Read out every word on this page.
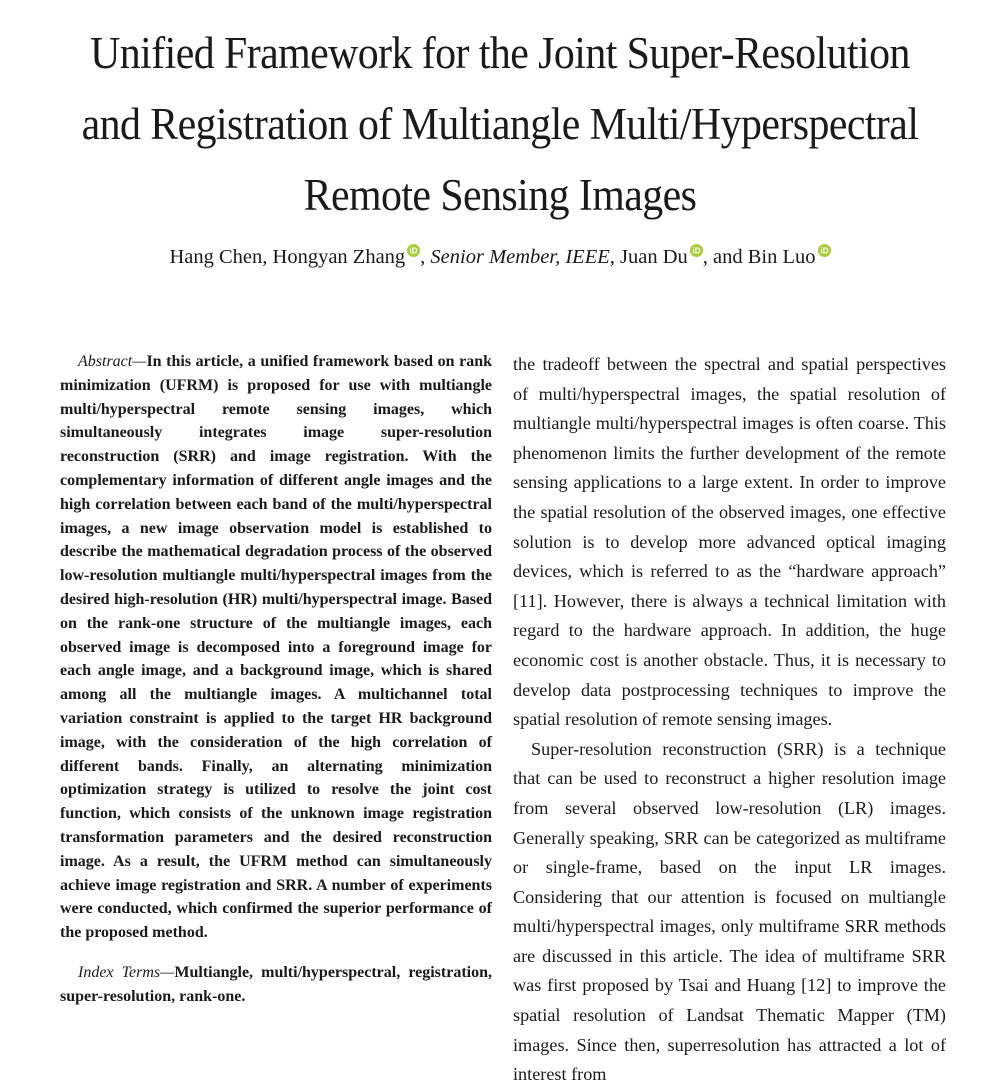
Unified Framework for the Joint Super-Resolution and Registration of Multiangle Multi/Hyperspectral Remote Sensing Images
Hang Chen, Hongyan Zhang iD , Senior Member, IEEE, Juan Du iD , and Bin Luo iD

Abstract—In this article, a unified framework based on rank minimization (UFRM) is proposed for use with multiangle multi/hyperspectral remote sensing images, which simultaneously integrates image super-resolution reconstruction (SRR) and image registration. With the complementary information of different angle images and the high correlation between each band of the multi/hyperspectral images, a new image observation model is established to describe the mathematical degradation process of the observed low-resolution multiangle multi/hyperspectral images from the desired high-resolution (HR) multi/hyperspectral image. Based on the rank-one structure of the multiangle images, each observed image is decomposed into a foreground image for each angle image, and a background image, which is shared among all the multiangle images. A multichannel total variation constraint is applied to the target HR background image, with the consideration of the high correlation of different bands. Finally, an alternating minimization optimization strategy is utilized to resolve the joint cost function, which consists of the unknown image registration transformation parameters and the desired reconstruction image. As a result, the UFRM method can simultaneously achieve image registration and SRR. A number of experiments were conducted, which confirmed the superior performance of the proposed method.

Index Terms—Multiangle, multi/hyperspectral, registration, super-resolution, rank-one.

the tradeoff between the spectral and spatial perspectives of multi/hyperspectral images, the spatial resolution of multiangle multi/hyperspectral images is often coarse. This phenomenon limits the further development of the remote sensing applications to a large extent. In order to improve the spatial resolution of the observed images, one effective solution is to develop more advanced optical imaging devices, which is referred to as the “hardware approach” [11]. However, there is always a technical limitation with regard to the hardware approach. In addition, the huge economic cost is another obstacle. Thus, it is necessary to develop data postprocessing techniques to improve the spatial resolution of remote sensing images.

Super-resolution reconstruction (SRR) is a technique that can be used to reconstruct a higher resolution image from several observed low-resolution (LR) images. Generally speaking, SRR can be categorized as multiframe or single-frame, based on the input LR images. Considering that our attention is focused on multiangle multi/hyperspectral images, only multiframe SRR methods are discussed in this article. The idea of multiframe SRR was first proposed by Tsai and Huang [12] to improve the spatial resolution of Landsat Thematic Mapper (TM) images. Since then, superresolution has attracted a lot of interest from
